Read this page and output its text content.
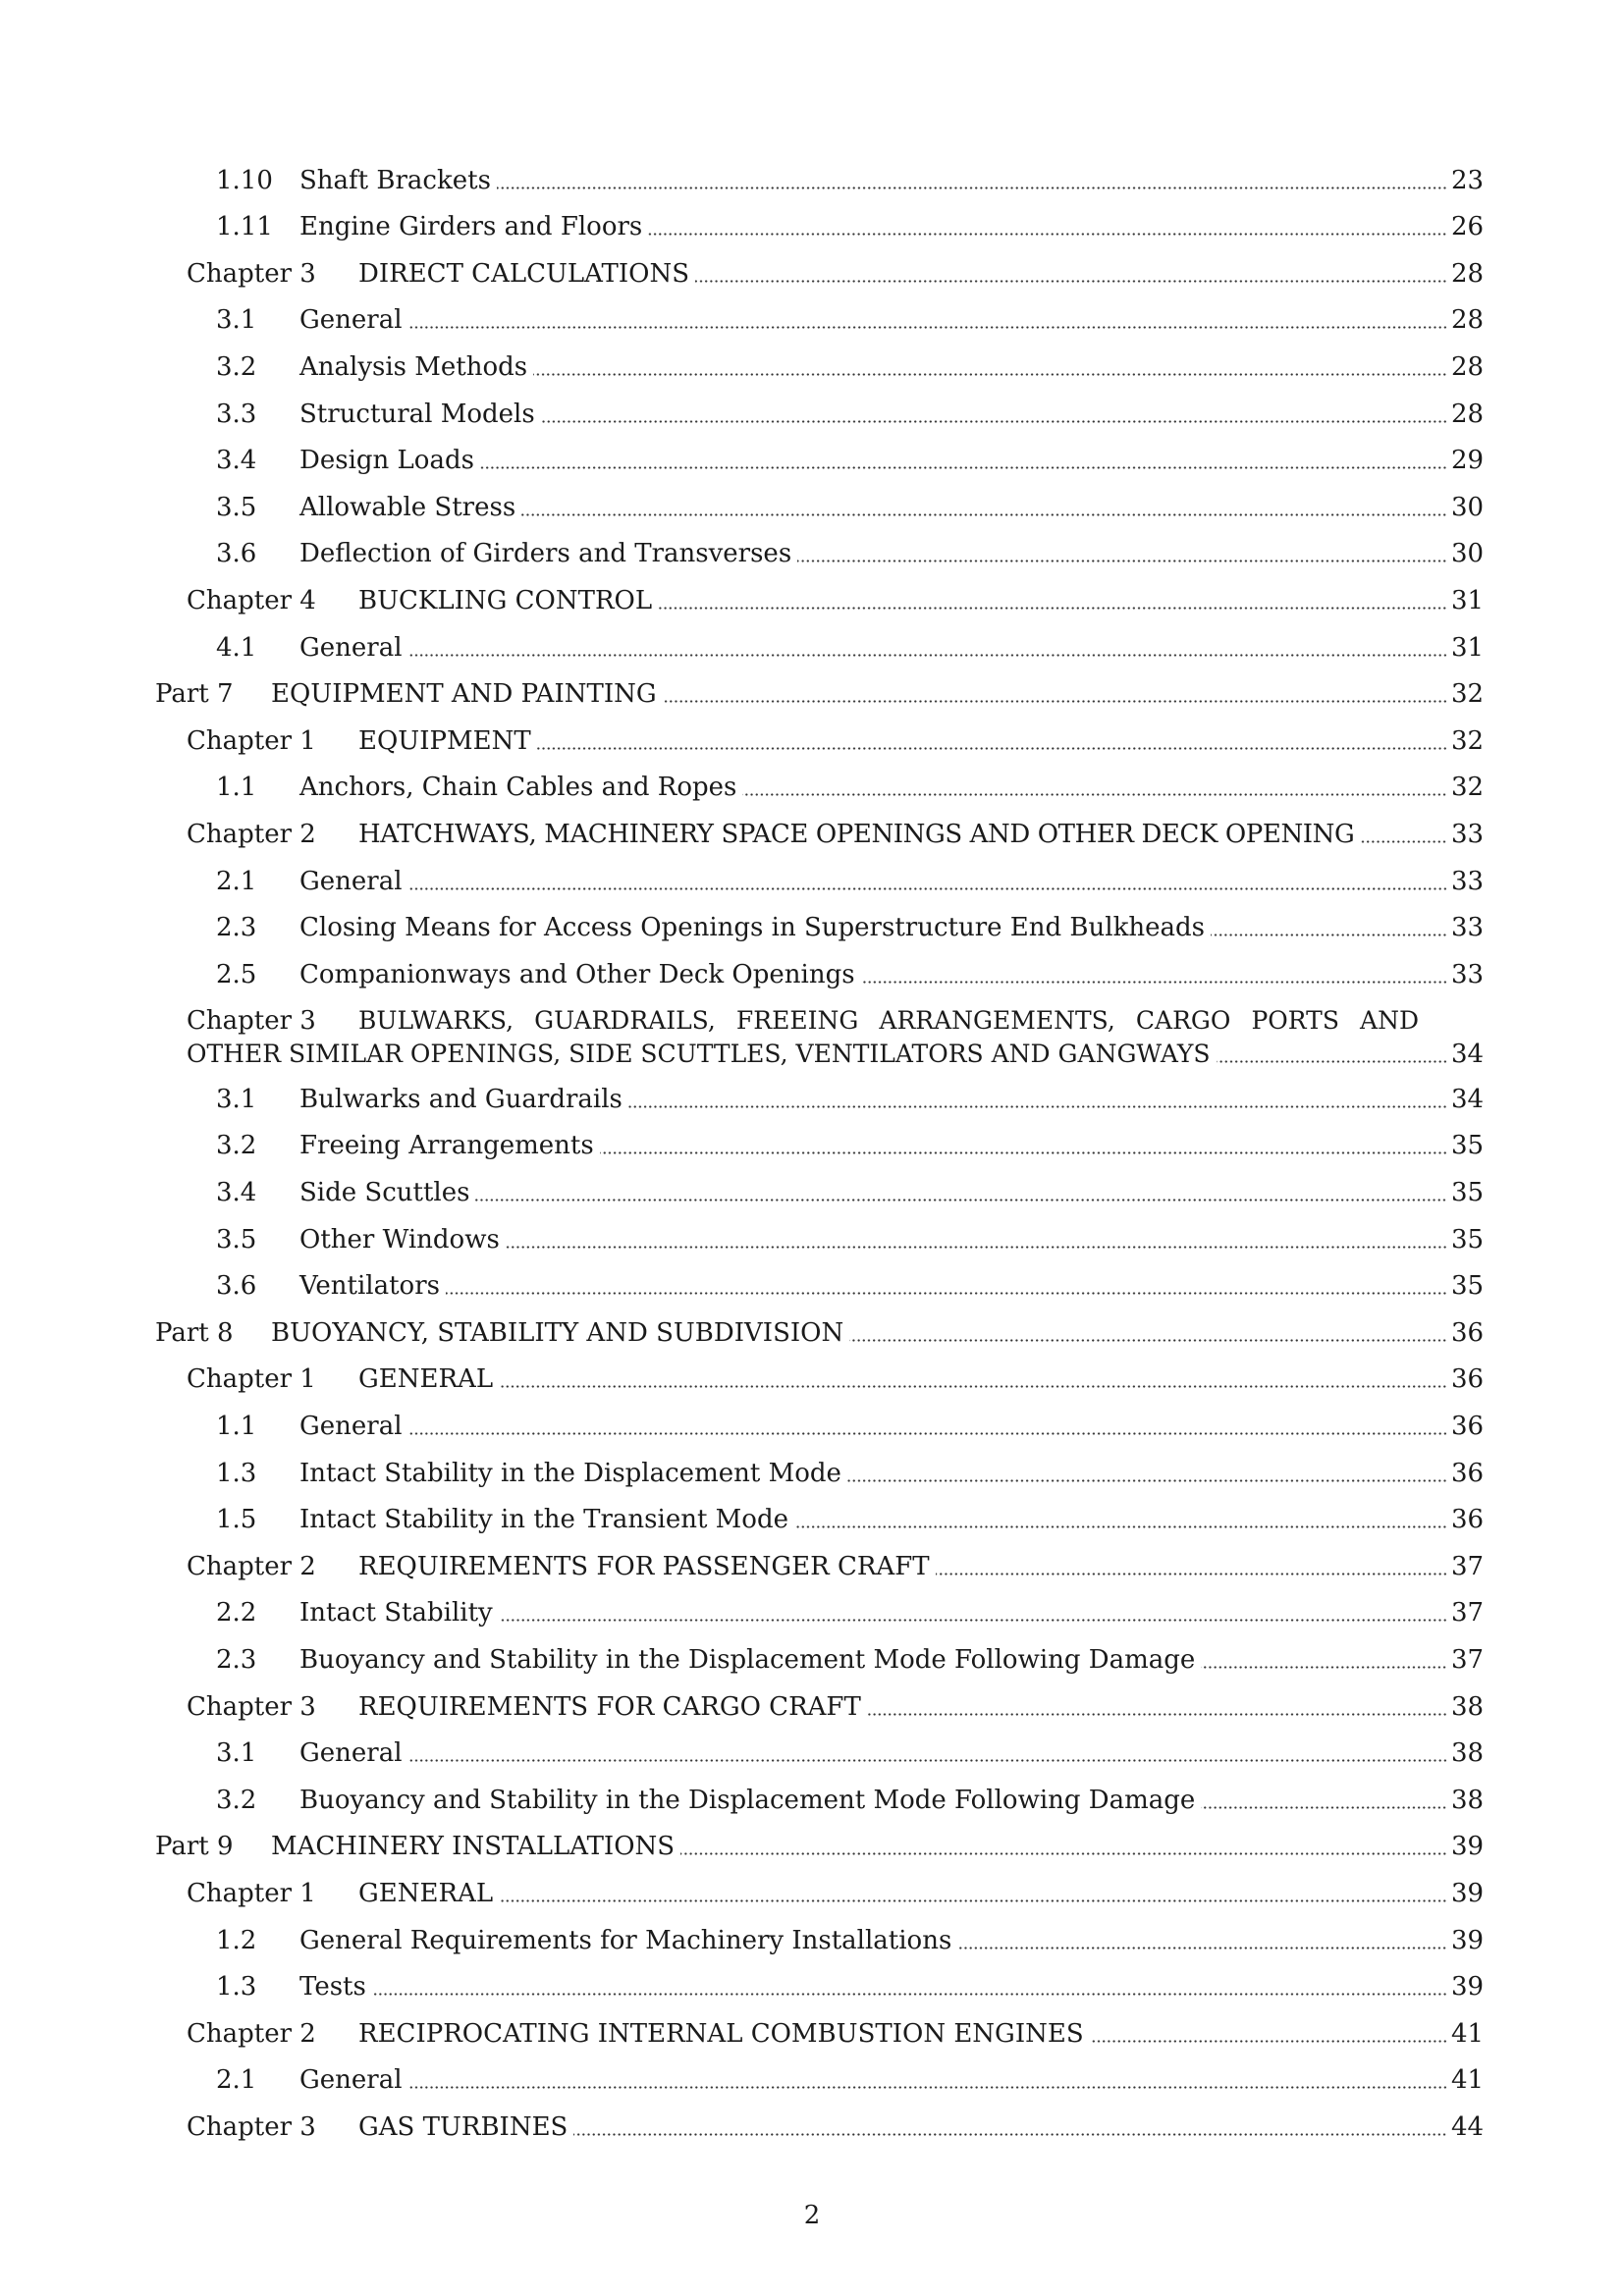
1.10	Shaft Brackets	23
1.11	Engine Girders and Floors	26
Chapter 3	DIRECT CALCULATIONS	28
3.1	General	28
3.2	Analysis Methods	28
3.3	Structural Models	28
3.4	Design Loads	29
3.5	Allowable Stress	30
3.6	Deflection of Girders and Transverses	30
Chapter 4	BUCKLING CONTROL	31
4.1	General	31
Part 7	EQUIPMENT AND PAINTING	32
Chapter 1	EQUIPMENT	32
1.1	Anchors, Chain Cables and Ropes	32
Chapter 2	HATCHWAYS, MACHINERY SPACE OPENINGS AND OTHER DECK OPENING	33
2.1	General	33
2.3	Closing Means for Access Openings in Superstructure End Bulkheads	33
2.5	Companionways and Other Deck Openings	33
Chapter 3	BULWARKS, GUARDRAILS, FREEING ARRANGEMENTS, CARGO PORTS AND
OTHER SIMILAR OPENINGS, SIDE SCUTTLES, VENTILATORS AND GANGWAYS	34
3.1	Bulwarks and Guardrails	34
3.2	Freeing Arrangements	35
3.4	Side Scuttles	35
3.5	Other Windows	35
3.6	Ventilators	35
Part 8	BUOYANCY, STABILITY AND SUBDIVISION	36
Chapter 1	GENERAL	36
1.1	General	36
1.3	Intact Stability in the Displacement Mode	36
1.5	Intact Stability in the Transient Mode	36
Chapter 2	REQUIREMENTS FOR PASSENGER CRAFT	37
2.2	Intact Stability	37
2.3	Buoyancy and Stability in the Displacement Mode Following Damage	37
Chapter 3	REQUIREMENTS FOR CARGO CRAFT	38
3.1	General	38
3.2	Buoyancy and Stability in the Displacement Mode Following Damage	38
Part 9	MACHINERY INSTALLATIONS	39
Chapter 1	GENERAL	39
1.2	General Requirements for Machinery Installations	39
1.3	Tests	39
Chapter 2	RECIPROCATING INTERNAL COMBUSTION ENGINES	41
2.1	General	41
Chapter 3	GAS TURBINES	44
2
